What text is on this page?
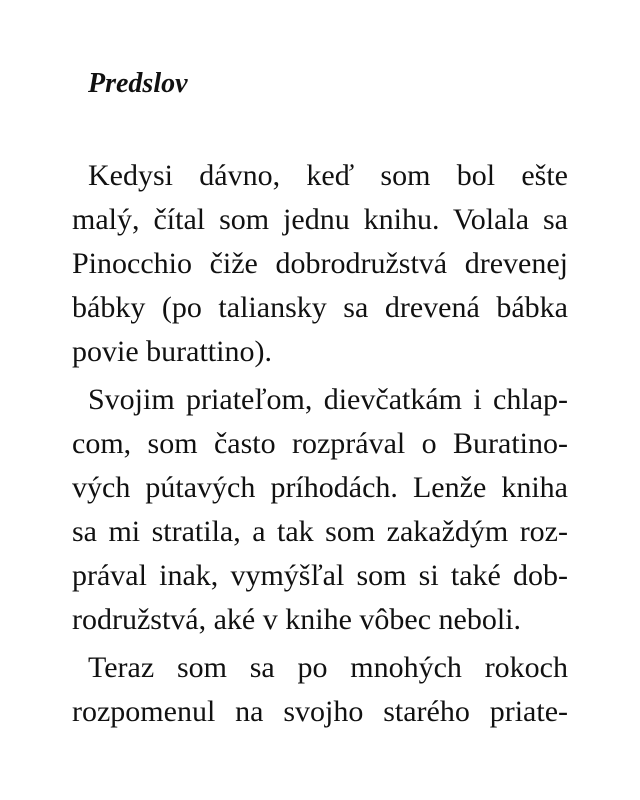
Predslov
Kedysi dávno, keď som bol ešte
malý, čítal som jednu knihu. Volala sa
Pinocchio čiže dobrodružstvá drevenej
bábky (po taliansky sa drevená bábka
povie burattino).
Svojim priateľom, dievčatkám i chlap-
com, som často rozprával o Buratino-
vých pútavých príhodách. Lenže kniha
sa mi stratila, a tak som zakaždým roz-
prával inak, vymýšľal som si také dob-
rodružstvá, aké v knihe vôbec neboli.
Teraz som sa po mnohých rokoch
rozpomenul na svojho starého priate-
